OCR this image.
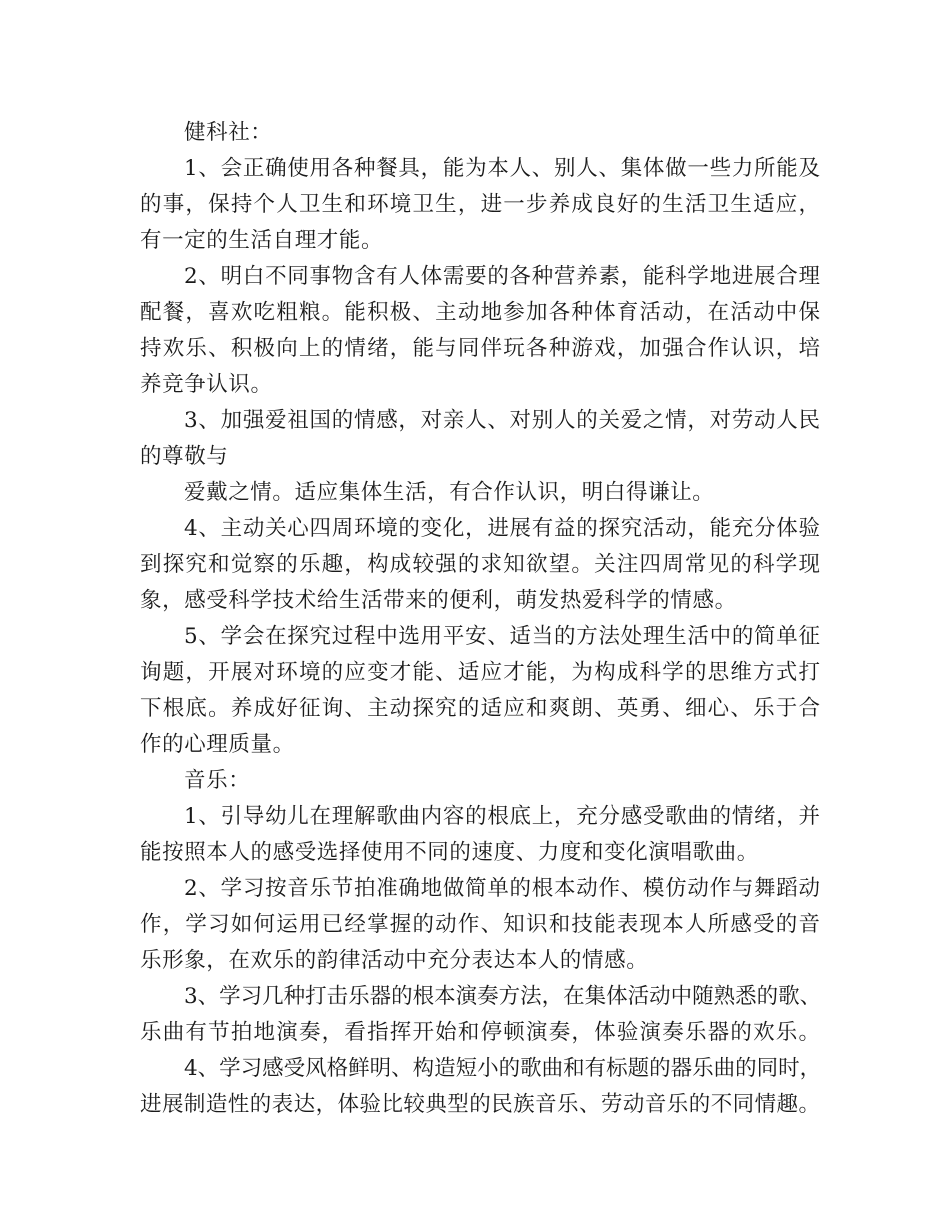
健科社：
1、会正确使用各种餐具，能为本人、别人、集体做一些力所能及
的事，保持个人卫生和环境卫生，进一步养成良好的生活卫生适应，
有一定的生活自理才能。
2、明白不同事物含有人体需要的各种营养素，能科学地进展合理
配餐，喜欢吃粗粮。能积极、主动地参加各种体育活动，在活动中保
持欢乐、积极向上的情绪，能与同伴玩各种游戏，加强合作认识，培
养竞争认识。
3、加强爱祖国的情感，对亲人、对别人的关爱之情，对劳动人民
的尊敬与
爱戴之情。适应集体生活，有合作认识，明白得谦让。
4、主动关心四周环境的变化，进展有益的探究活动，能充分体验
到探究和觉察的乐趣，构成较强的求知欲望。关注四周常见的科学现
象，感受科学技术给生活带来的便利，萌发热爱科学的情感。
5、学会在探究过程中选用平安、适当的方法处理生活中的简单征
询题，开展对环境的应变才能、适应才能，为构成科学的思维方式打
下根底。养成好征询、主动探究的适应和爽朗、英勇、细心、乐于合
作的心理质量。
音乐：
1、引导幼儿在理解歌曲内容的根底上，充分感受歌曲的情绪，并
能按照本人的感受选择使用不同的速度、力度和变化演唱歌曲。
2、学习按音乐节拍准确地做简单的根本动作、模仿动作与舞蹈动
作，学习如何运用已经掌握的动作、知识和技能表现本人所感受的音
乐形象，在欢乐的韵律活动中充分表达本人的情感。
3、学习几种打击乐器的根本演奏方法，在集体活动中随熟悉的歌、
乐曲有节拍地演奏，看指挥开始和停顿演奏，体验演奏乐器的欢乐。
4、学习感受风格鲜明、构造短小的歌曲和有标题的器乐曲的同时，
进展制造性的表达，体验比较典型的民族音乐、劳动音乐的不同情趣。
